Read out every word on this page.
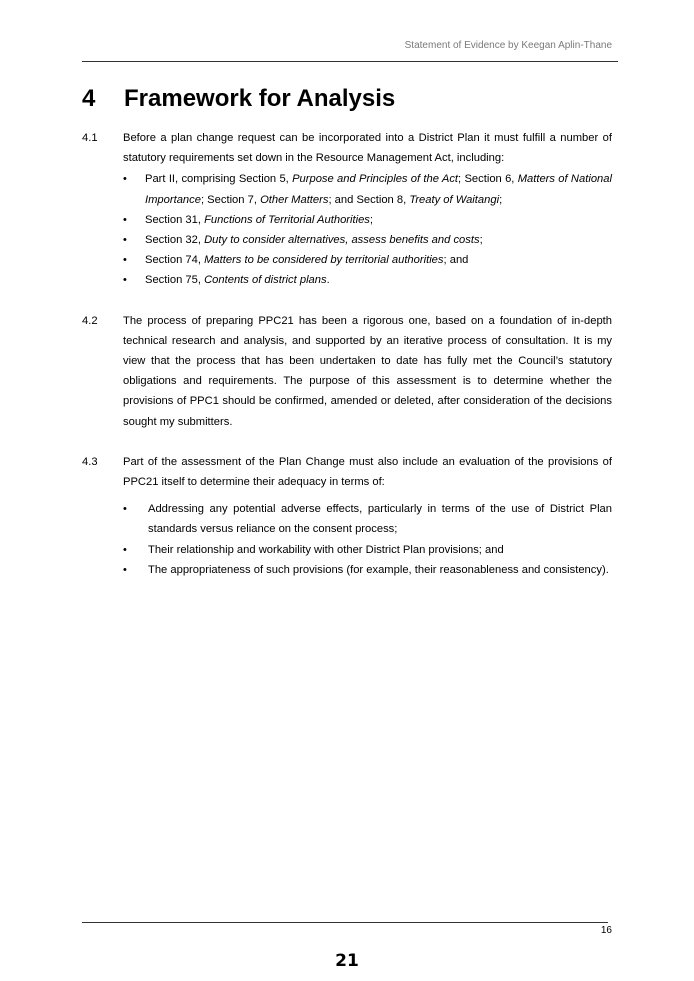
Statement of Evidence by Keegan Aplin-Thane
4 Framework for Analysis
4.1 Before a plan change request can be incorporated into a District Plan it must fulfill a number of statutory requirements set down in the Resource Management Act, including:
• Part II, comprising Section 5, Purpose and Principles of the Act; Section 6, Matters of National Importance; Section 7, Other Matters; and Section 8, Treaty of Waitangi;
• Section 31, Functions of Territorial Authorities;
• Section 32, Duty to consider alternatives, assess benefits and costs;
• Section 74, Matters to be considered by territorial authorities; and
• Section 75, Contents of district plans.
4.2 The process of preparing PPC21 has been a rigorous one, based on a foundation of in-depth technical research and analysis, and supported by an iterative process of consultation. It is my view that the process that has been undertaken to date has fully met the Council’s statutory obligations and requirements. The purpose of this assessment is to determine whether the provisions of PPC1 should be confirmed, amended or deleted, after consideration of the decisions sought my submitters.
4.3 Part of the assessment of the Plan Change must also include an evaluation of the provisions of PPC21 itself to determine their adequacy in terms of:
• Addressing any potential adverse effects, particularly in terms of the use of District Plan standards versus reliance on the consent process;
• Their relationship and workability with other District Plan provisions; and
• The appropriateness of such provisions (for example, their reasonableness and consistency).
16
21
